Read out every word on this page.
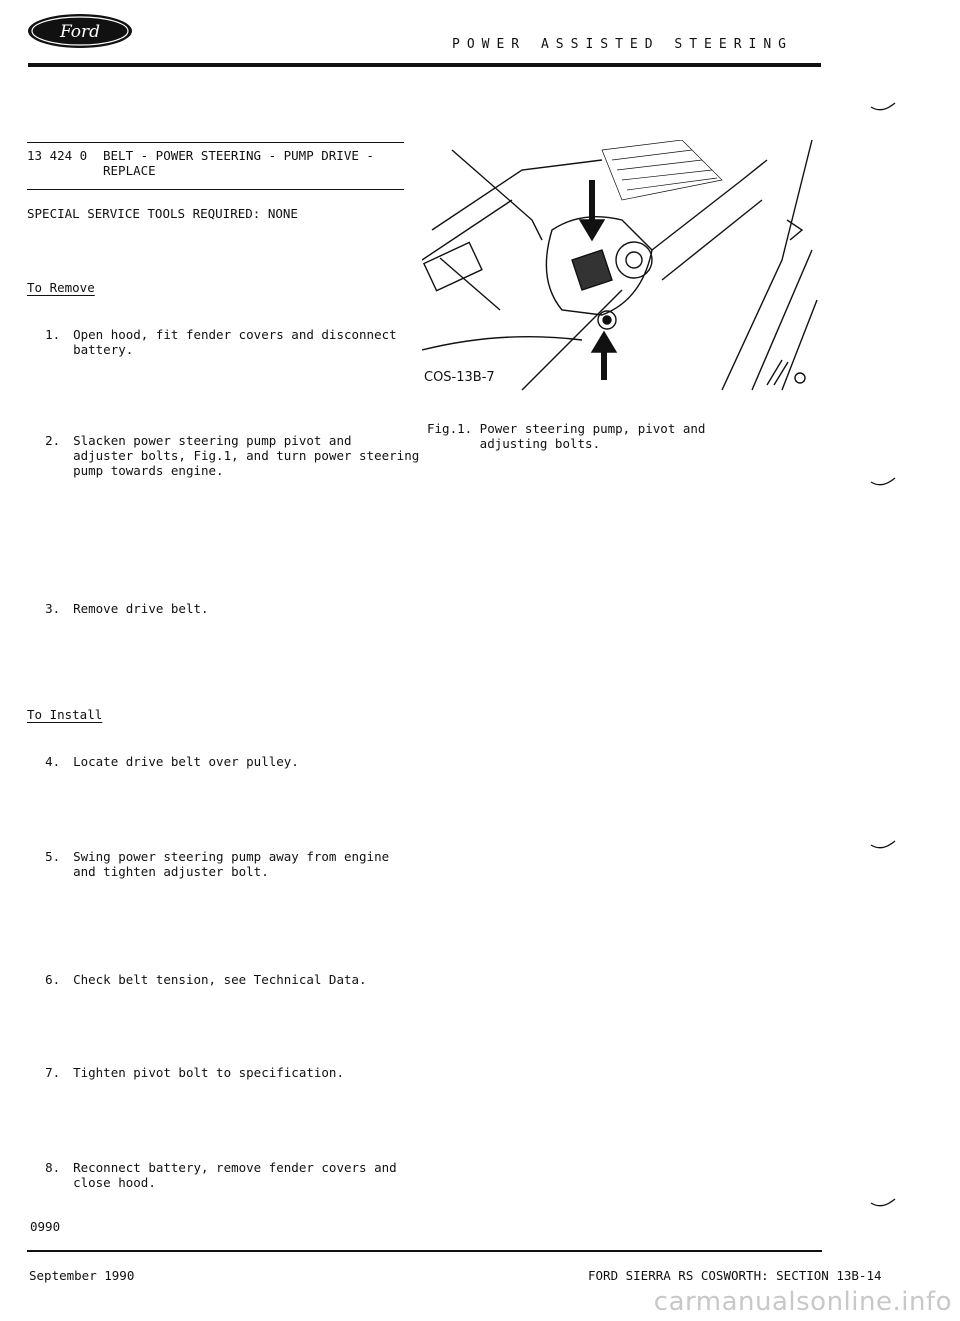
Ford
POWER ASSISTED STEERING
13 424 0 BELT - POWER STEERING - PUMP DRIVE -
REPLACE
SPECIAL SERVICE TOOLS REQUIRED: NONE
To Remove

1. Open hood, fit fender covers and disconnect
battery.

2. Slacken power steering pump pivot and
adjuster bolts, Fig.1, and turn power steering
pump towards engine.

3. Remove drive belt.

To Install

4. Locate drive belt over pulley.

5. Swing power steering pump away from engine
and tighten adjuster bolt.

6. Check belt tension, see Technical Data.

7. Tighten pivot bolt to specification.

8. Reconnect battery, remove fender covers and
close hood.

COS-13B-7
Fig.1. Power steering pump, pivot and
adjusting bolts.
0990
September 1990	FORD SIERRA RS COSWORTH: SECTION 13B-14
carmanualsonline.info
